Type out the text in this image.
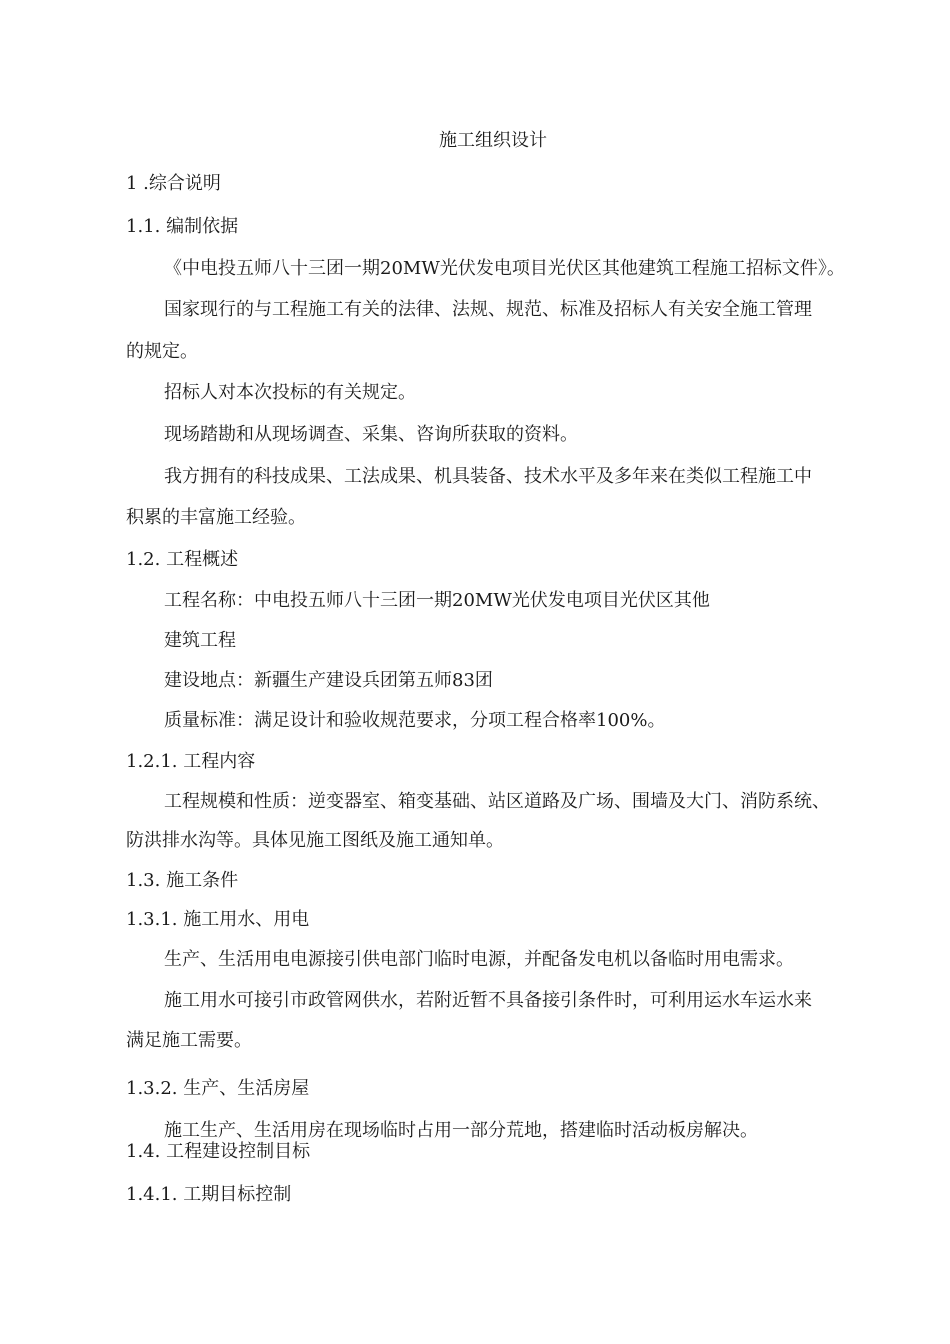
施工组织设计
1 .综合说明
1.1. 编制依据
《中电投五师八十三团一期20MW光伏发电项目光伏区其他建筑工程施工招标文件》。
国家现行的与工程施工有关的法律、法规、规范、标准及招标人有关安全施工管理
的规定。
招标人对本次投标的有关规定。
现场踏勘和从现场调查、采集、咨询所获取的资料。
我方拥有的科技成果、工法成果、机具装备、技术水平及多年来在类似工程施工中
积累的丰富施工经验。
1.2. 工程概述
工程名称：中电投五师八十三团一期20MW光伏发电项目光伏区其他
建筑工程
建设地点：新疆生产建设兵团第五师83团
质量标准：满足设计和验收规范要求，分项工程合格率100%。
1.2.1. 工程内容
工程规模和性质：逆变器室、箱变基础、站区道路及广场、围墙及大门、消防系统、
防洪排水沟等。具体见施工图纸及施工通知单。
1.3. 施工条件
1.3.1. 施工用水、用电
生产、生活用电电源接引供电部门临时电源，并配备发电机以备临时用电需求。
施工用水可接引市政管网供水，若附近暂不具备接引条件时，可利用运水车运水来
满足施工需要。
1.3.2. 生产、生活房屋
施工生产、生活用房在现场临时占用一部分荒地，搭建临时活动板房解决。
1.4. 工程建设控制目标
1.4.1. 工期目标控制
